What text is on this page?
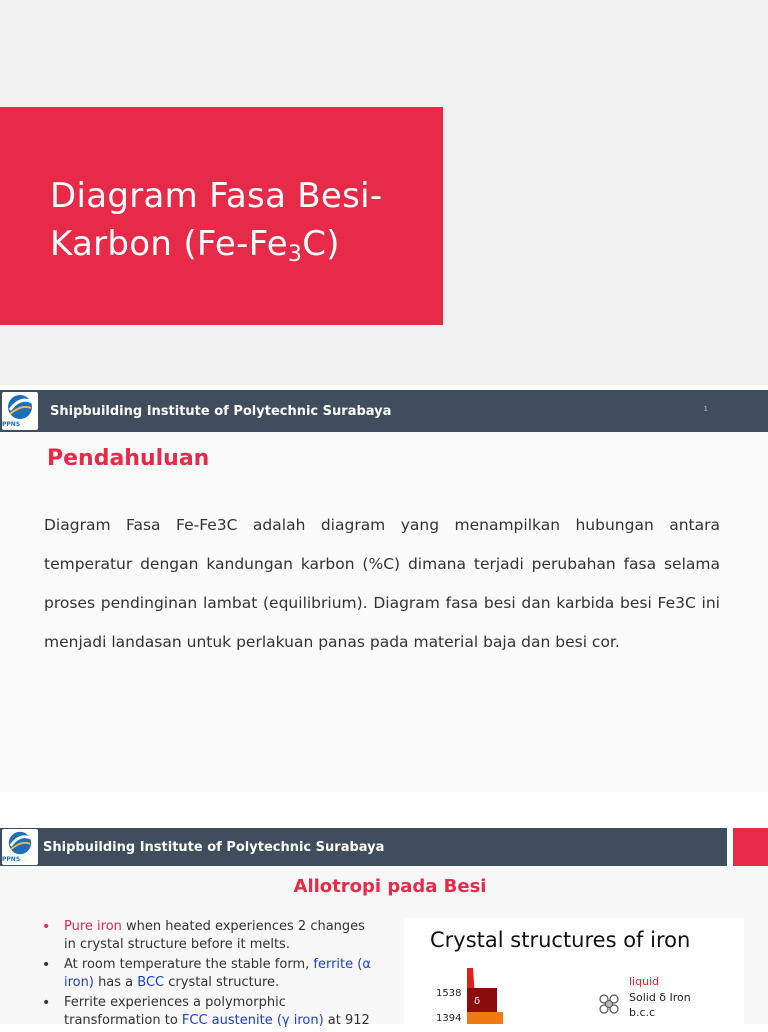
Diagram Fasa Besi-
Karbon $(Fe-Fe_3C)$
PPNS
Shipbuilding Institute of Polytechnic Surabaya	1
Pendahuluan

Diagram Fasa Fe-Fe3C adalah diagram yang menampilkan hubungan antara temperatur dengan kandungan karbon (%C) dimana terjadi perubahan fasa selama proses pendinginan lambat (equilibrium). Diagram fasa besi dan karbida besi Fe3C ini menjadi landasan untuk perlakuan panas pada material baja dan besi cor.

PPNS
Shipbuilding Institute of Polytechnic Surabaya
Allotropi pada Besi
• Pure iron when heated experiences 2 changes in crystal structure before it melts.
• At room temperature the stable form, ferrite (α iron) has a BCC crystal structure.
• Ferrite experiences a polymorphic transformation to FCC austenite (γ iron) at 912
Crystal structures of iron
1538
1394
δ
liquid
Solid δ Iron
b.c.c
